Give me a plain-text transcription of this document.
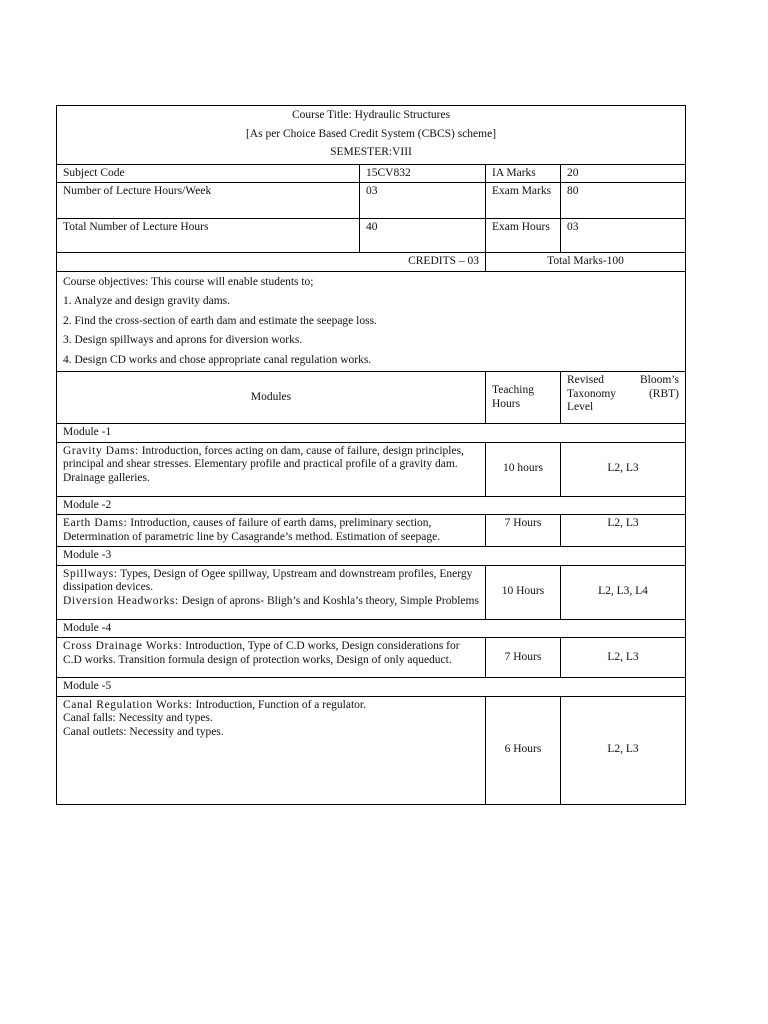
Course Title: Hydraulic Structures			
[As per Choice Based Credit System (CBCS) scheme]			
SEMESTER:VIII			
Subject Code	15CV832	IA Marks	20
Number of Lecture Hours/Week	03	Exam Marks	80
Total Number of Lecture Hours	40	Exam Hours	03
CREDITS – 03		Total Marks-100	
Course objectives: This course will enable students to;			
1. Analyze and design gravity dams.			
2. Find the cross-section of earth dam and estimate the seepage loss.			
3. Design spillways and aprons for diversion works.			
4. Design CD works and chose appropriate canal regulation works.			
Modules		Teaching Hours	Revised Bloom’s
Taxonomy (RBT)
Level

Module -1			
Gravity Dams: Introduction, forces acting on dam, cause of failure, design principles, principal and shear stresses. Elementary profile and practical profile of a gravity dam. Drainage galleries.		10 hours	L2, L3
Module -2			
Earth Dams: Introduction, causes of failure of earth dams, preliminary section, Determination of parametric line by Casagrande’s method. Estimation of seepage.		7 Hours	L2, L3
Module -3			

Spillways: Types, Design of Ogee spillway, Upstream and downstream profiles, Energy dissipation devices.
Diversion Headworks: Design of aprons- Bligh’s and Koshla’s theory, Simple Problems		10 Hours	L2, L3, L4
Module -4			
Cross Drainage Works: Introduction, Type of C.D works, Design considerations for C.D works. Transition formula design of protection works, Design of only aqueduct.		7 Hours	L2, L3
Module -5			

Canal Regulation Works: Introduction, Function of a regulator.
Canal falls: Necessity and types.
Canal outlets: Necessity and types.		6 Hours	L2, L3
